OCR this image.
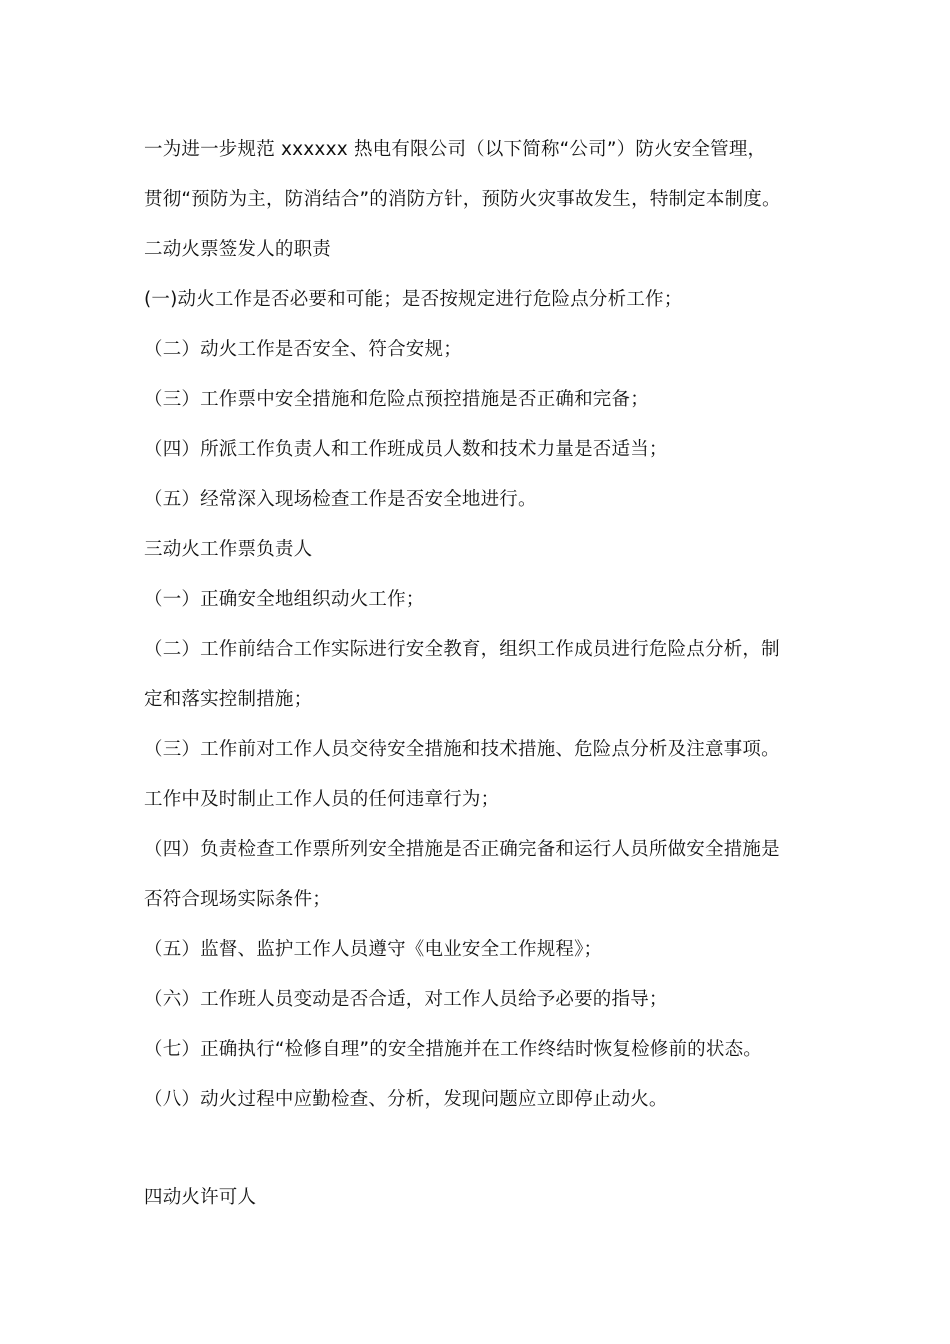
一为进一步规范 xxxxxx 热电有限公司（以下简称“公司”）防火安全管理，
贯彻“预防为主，防消结合”的消防方针，预防火灾事故发生，特制定本制度。
二动火票签发人的职责
(一)动火工作是否必要和可能；是否按规定进行危险点分析工作；
（二）动火工作是否安全、符合安规；
（三）工作票中安全措施和危险点预控措施是否正确和完备；
（四）所派工作负责人和工作班成员人数和技术力量是否适当；
（五）经常深入现场检查工作是否安全地进行。
三动火工作票负责人
（一）正确安全地组织动火工作；
（二）工作前结合工作实际进行安全教育，组织工作成员进行危险点分析，制
定和落实控制措施；
（三）工作前对工作人员交待安全措施和技术措施、危险点分析及注意事项。
工作中及时制止工作人员的任何违章行为；
（四）负责检查工作票所列安全措施是否正确完备和运行人员所做安全措施是
否符合现场实际条件；
（五）监督、监护工作人员遵守《电业安全工作规程》；
（六）工作班人员变动是否合适，对工作人员给予必要的指导；
（七）正确执行“检修自理”的安全措施并在工作终结时恢复检修前的状态。
（八）动火过程中应勤检查、分析，发现问题应立即停止动火。
四动火许可人
